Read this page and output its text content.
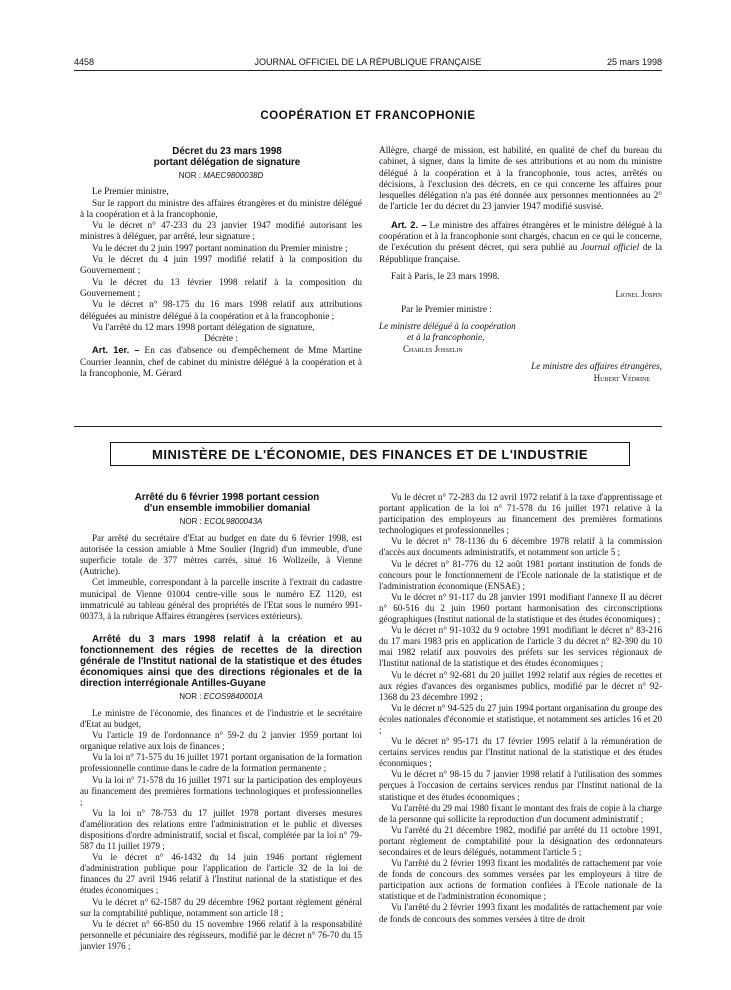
4458	JOURNAL OFFICIEL DE LA RÉPUBLIQUE FRANÇAISE	25 mars 1998
COOPÉRATION ET FRANCOPHONIE

Décret du 23 mars 1998

portant délégation de signature

NOR : MAEC9800038D

Le Premier ministre,

Sur le rapport du ministre des affaires étrangères et du ministre délégué à la coopération et à la francophonie,

Vu le décret n° 47-233 du 23 janvier 1947 modifié autorisant les ministres à déléguer, par arrêté, leur signature ;

Vu le décret du 2 juin 1997 portant nomination du Premier ministre ;

Vu le décret du 4 juin 1997 modifié relatif à la composition du Gouvernement ;

Vu le décret du 13 février 1998 relatif à la composition du Gouvernement ;

Vu le décret n° 98-175 du 16 mars 1998 relatif aux attributions déléguées au ministre délégué à la coopération et à la francophonie ;

Vu l'arrêté du 12 mars 1998 portant délégation de signature,

Décrète :

Art. 1er. – En cas d'absence ou d'empêchement de Mme Martine Courrier Jeannin, chef de cabinet du ministre délégué à la coopération et à la francophonie, M. Gérard

Allègre, chargé de mission, est habilité, en qualité de chef du bureau du cabinet, à signer, dans la limite de ses attributions et au nom du ministre délégué à la coopération et à la francophonie, tous actes, arrêtés ou décisions, à l'exclusion des décrets, en ce qui concerne les affaires pour lesquelles délégation n'a pas été donnée aux personnes mentionnées au 2° de l'article 1er du décret du 23 janvier 1947 modifié susvisé.

Art. 2. – Le ministre des affaires étrangères et le ministre délégué à la coopération et à la francophonie sont chargés, chacun en ce qui le concerne, de l'exécution du présent décret, qui sera publié au Journal officiel de la République française.

Fait à Paris, le 23 mars 1998.

Lionel Jospin

Par le Premier ministre :

Le ministre délégué à la coopération

et à la francophonie,

Charles Josselin

Le ministre des affaires étrangères,

Hubert Védrine

MINISTÈRE DE L'ÉCONOMIE, DES FINANCES ET DE L'INDUSTRIE

Arrêté du 6 février 1998 portant cession

d'un ensemble immobilier domanial

NOR : ECOL9800043A

Par arrêté du secrétaire d'Etat au budget en date du 6 février 1998, est autorisée la cession amiable à Mme Soulier (Ingrid) d'un immeuble, d'une superficie totale de 377 mètres carrés, situé 16 Wollzeile, à Vienne (Autriche).

Cet immeuble, correspondant à la parcelle inscrite à l'extrait du cadastre municipal de Vienne 01004 centre-ville sous le numéro EZ 1120, est immatriculé au tableau général des propriétés de l'Etat sous le numéro 991-00373, à la rubrique Affaires étrangères (services extérieurs).

Arrêté du 3 mars 1998 relatif à la création et au fonctionnement des régies de recettes de la direction générale de l'Institut national de la statistique et des études économiques ainsi que des directions régionales et de la direction interrégionale Antilles-Guyane

NOR : ECOS9840001A

Le ministre de l'économie, des finances et de l'industrie et le secrétaire d'Etat au budget,

Vu l'article 19 de l'ordonnance n° 59-2 du 2 janvier 1959 portant loi organique relative aux lois de finances ;

Vu la loi n° 71-575 du 16 juillet 1971 portant organisation de la formation professionnelle continue dans le cadre de la formation permanente ;

Vu la loi n° 71-578 du 16 juillet 1971 sur la participation des employeurs au financement des premières formations technologiques et professionnelles ;

Vu la loi n° 78-753 du 17 juillet 1978 portant diverses mesures d'amélioration des relations entre l'administration et le public et diverses dispositions d'ordre administratif, social et fiscal, complétée par la loi n° 79-587 du 11 juillet 1979 ;

Vu le décret n° 46-1432 du 14 juin 1946 portant règlement d'administration publique pour l'application de l'article 32 de la loi de finances du 27 avril 1946 relatif à l'Institut national de la statistique et des études économiques ;

Vu le décret n° 62-1587 du 29 décembre 1962 portant règlement général sur la comptabilité publique, notamment son article 18 ;

Vu le décret n° 66-850 du 15 novembre 1966 relatif à la responsabilité personnelle et pécuniaire des régisseurs, modifié par le décret n° 76-70 du 15 janvier 1976 ;

Vu le décret n° 72-283 du 12 avril 1972 relatif à la taxe d'apprentissage et portant application de la loi n° 71-578 du 16 juillet 1971 relative à la participation des employeurs au financement des premières formations technologiques et professionnelles ;

Vu le décret n° 78-1136 du 6 décembre 1978 relatif à la commission d'accès aux documents administratifs, et notamment son article 5 ;

Vu le décret n° 81-776 du 12 août 1981 portant institution de fonds de concours pour le fonctionnement de l'Ecole nationale de la statistique et de l'administration économique (ENSAE) ;

Vu le décret n° 91-117 du 28 janvier 1991 modifiant l'annexe II au décret n° 60-516 du 2 juin 1960 portant harmonisation des circonscriptions géographiques (Institut national de la statistique et des études économiques) ;

Vu le décret n° 91-1032 du 9 octobre 1991 modifiant le décret n° 83-216 du 17 mars 1983 pris en application de l'article 3 du décret n° 82-390 du 10 mai 1982 relatif aux pouvoirs des préfets sur les services régionaux de l'Institut national de la statistique et des études économiques ;

Vu le décret n° 92-681 du 20 juillet 1992 relatif aux régies de recettes et aux régies d'avances des organismes publics, modifié par le décret n° 92-1368 du 23 décembre 1992 ;

Vu le décret n° 94-525 du 27 juin 1994 portant organisation du groupe des écoles nationales d'économie et statistique, et notamment ses articles 16 et 20 ;

Vu le décret n° 95-171 du 17 février 1995 relatif à la rémunération de certains services rendus par l'Institut national de la statistique et des études économiques ;

Vu le décret n° 98-15 du 7 janvier 1998 relatif à l'utilisation des sommes perçues à l'occasion de certains services rendus par l'Institut national de la statistique et des études économiques ;

Vu l'arrêté du 29 mai 1980 fixant le montant des frais de copie à la charge de la personne qui sollicite la reproduction d'un document administratif ;

Vu l'arrêté du 21 décembre 1982, modifié par arrêté du 11 octobre 1991, portant règlement de comptabilité pour la désignation des ordonnateurs secondaires et de leurs délégués, notamment l'article 5 ;

Vu l'arrêté du 2 février 1993 fixant les modalités de rattachement par voie de fonds de concours des sommes versées par les employeurs à titre de participation aux actions de formation confiées à l'Ecole nationale de la statistique et de l'administration économique ;

Vu l'arrêté du 2 février 1993 fixant les modalités de rattachement par voie de fonds de concours des sommes versées à titre de droit
